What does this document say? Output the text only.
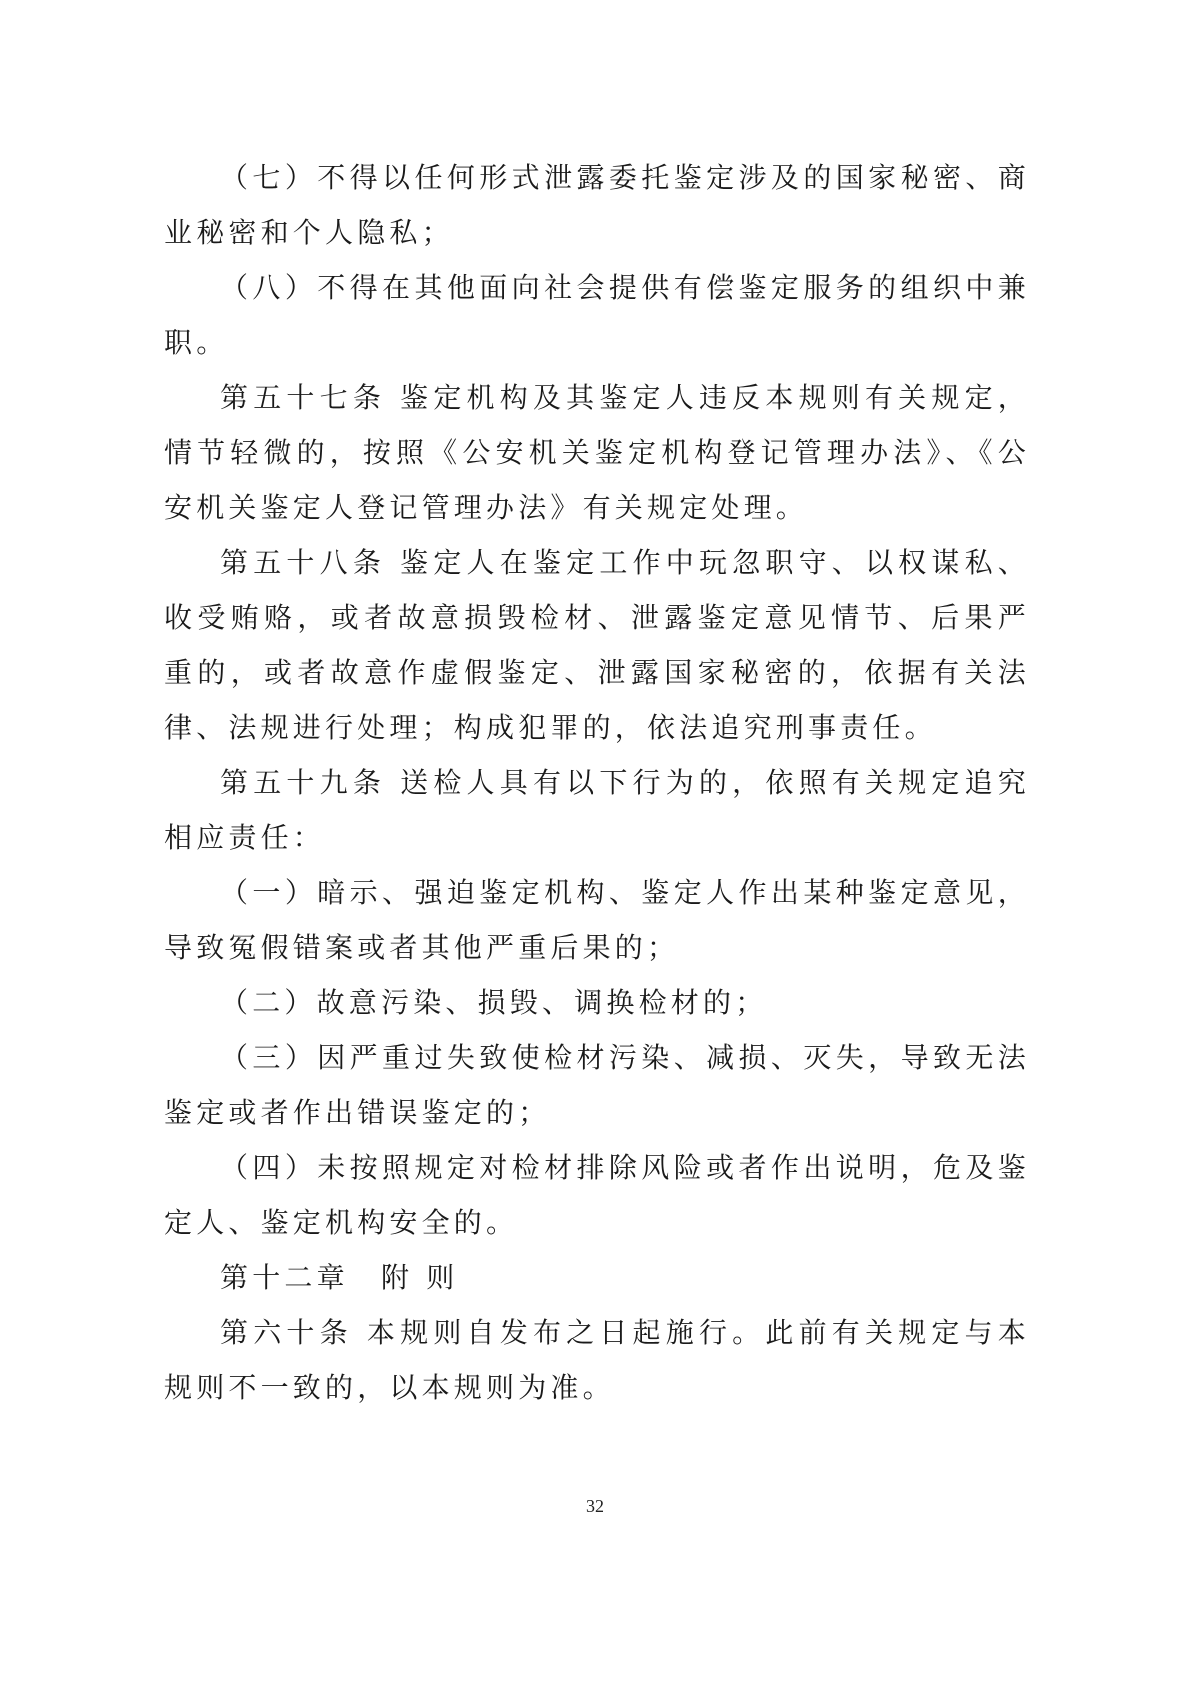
（七）不得以任何形式泄露委托鉴定涉及的国家秘密、商业秘密和个人隐私；

（八）不得在其他面向社会提供有偿鉴定服务的组织中兼职。

第五十七条 鉴定机构及其鉴定人违反本规则有关规定，情节轻微的，按照《公安机关鉴定机构登记管理办法》、《公安机关鉴定人登记管理办法》有关规定处理。

第五十八条 鉴定人在鉴定工作中玩忽职守、以权谋私、收受贿赂，或者故意损毁检材、泄露鉴定意见情节、后果严重的，或者故意作虚假鉴定、泄露国家秘密的，依据有关法律、法规进行处理；构成犯罪的，依法追究刑事责任。

第五十九条 送检人具有以下行为的，依照有关规定追究相应责任：

（一）暗示、强迫鉴定机构、鉴定人作出某种鉴定意见，导致冤假错案或者其他严重后果的；

（二）故意污染、损毁、调换检材的；

（三）因严重过失致使检材污染、减损、灭失，导致无法鉴定或者作出错误鉴定的；

（四）未按照规定对检材排除风险或者作出说明，危及鉴定人、鉴定机构安全的。

第十二章　附 则

第六十条 本规则自发布之日起施行。此前有关规定与本规则不一致的，以本规则为准。

32
